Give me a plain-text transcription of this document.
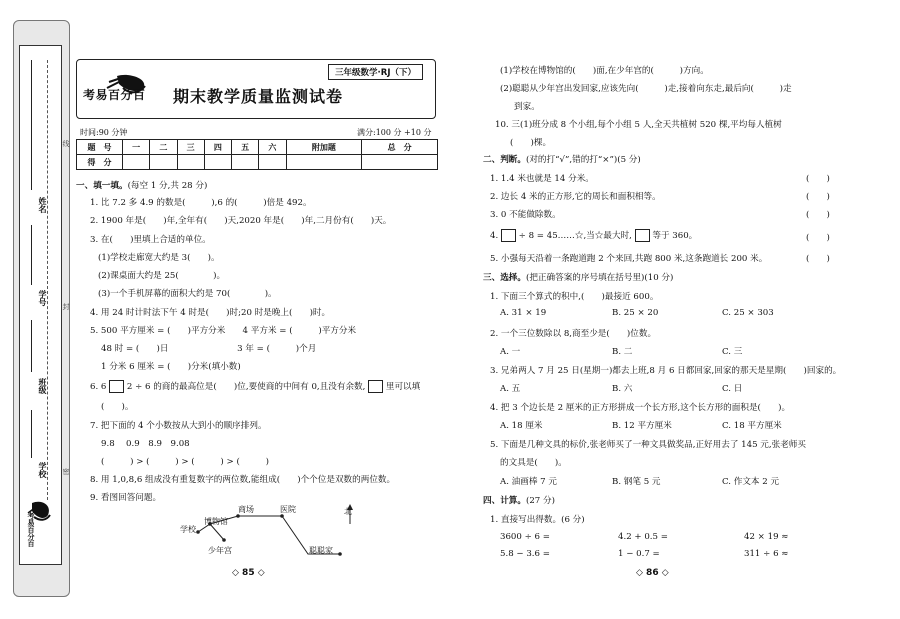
姓名
学号
班级
学校
线
封
密
考易百分百
三年级数学·RJ（下）
考易百分百 期末教学质量监测试卷
时间:90 分钟	满分:100 分 +10 分
题　号	一	二	三	四	五	六	附加题	总　分
得　分								
一、填一填。(每空 1 分,共 28 分)
1. 比 7.2 多 4.9 的数是(　　　),6 的(　　　)倍是 492。
2. 1900 年是(　　)年,全年有(　　)天,2020 年是(　　)年,二月份有(　　)天。
3. 在(　　)里填上合适的单位。
(1)学校走廊宽大约是 3(　　)。
(2)课桌面大约是 25(　　　　)。
(3)一个手机屏幕的面积大约是 70(　　　　)。
4. 用 24 时计时法下午 4 时是(　　)时;20 时是晚上(　　)时。
5. 500 平方厘米 = (　　)平方分米　　4 平方米 = (　　　)平方分米
48 时 = (　　)日　　　　　　　　3 年 = (　　　)个月
1 分米 6 厘米 = (　　)分米(填小数)
6. 6 2 ÷ 6 的商的最高位是(　　)位,要使商的中间有 0,且没有余数, 里可以填
(　　)。
7. 把下面的 4 个小数按从大到小的顺序排列。
9.8　 0.9　8.9　9.08
(　　　) > (　　　) > (　　　) > (　　　)
8. 用 1,0,8,6 组成没有重复数字的两位数,能组成(　　)个个位是双数的两位数。
9. 看图回答问题。
北
学校
博物馆
商场	医院
少年宫	聪聪家
◇ 85 ◇
(1)学校在博物馆的(　　)面,在少年宫的(　　　)方向。
(2)聪聪从少年宫出发回家,应该先向(　　　)走,接着向东走,最后向(　　　)走
到家。
10. 三(1)班分成 8 个小组,每个小组 5 人,全天共植树 520 棵,平均每人植树
(　　)棵。
二、判断。(对的打“√”,错的打“×”)(5 分)
1. 1.4 米也就是 14 分米。	(　　)
2. 边长 4 米的正方形,它的周长和面积相等。	(　　)
3. 0 不能做除数。	(　　)
4. ÷ 8 = 45……☆,当☆最大时, 等于 360。	(　　)
5. 小强每天沿着一条跑道跑 2 个来回,共跑 800 米,这条跑道长 200 米。	(　　)
三、选择。(把正确答案的序号填在括号里)(10 分)
1. 下面三个算式的积中,(　　)最接近 600。
A. 31 × 19	B. 25 × 20	C. 25 × 303
2. 一个三位数除以 8,商至少是(　　)位数。
A. 一	B. 二	C. 三
3. 兄弟两人 7 月 25 日(星期一)都去上班,8 月 6 日都回家,回家的那天是星期(　　)回家的。
A. 五	B. 六	C. 日
4. 把 3 个边长是 2 厘米的正方形拼成一个长方形,这个长方形的面积是(　　)。
A. 18 厘米	B. 12 平方厘米	C. 18 平方厘米
5. 下面是几种文具的标价,张老师买了一种文具做奖品,正好用去了 145 元,张老师买
的文具是(　　)。
A. 油画棒 7 元	B. 钢笔 5 元	C. 作文本 2 元
四、计算。(27 分)
1. 直接写出得数。(6 分)
3600 ÷ 6 =	4.2 + 0.5 =	42 × 19 ≈
5.8 − 3.6 =	1 − 0.7 =	311 ÷ 6 ≈
◇ 86 ◇
